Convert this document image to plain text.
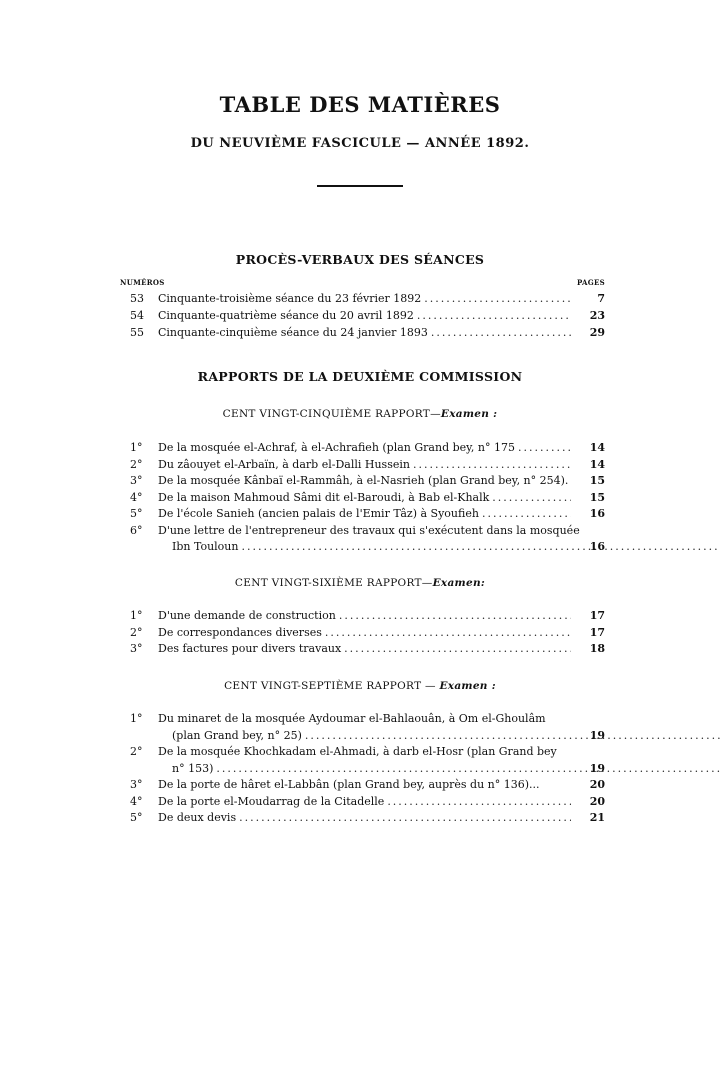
TABLE DES MATIÈRES
DU NEUVIÈME FASCICULE — ANNÉE 1892.
PROCÈS-VERBAUX DES SÉANCES
NUMÉROS	PAGES
53	Cinquante-troisième séance du 23 février 1892 .....	7
54	Cinquante-quatrième séance du 20 avril 1892 .....	23
55	Cinquante-cinquième séance du 24 janvier 1893 .....	29
RAPPORTS DE LA DEUXIÈME COMMISSION
CENT VINGT-CINQUIÈME RAPPORT—Examen :
1°	De la mosquée el-Achraf, à el-Achrafieh (plan Grand bey, n° 175 .....	14
2°	Du zâouyet el-Arbaïn, à darb el-Dalli Hussein .....	14
3°	De la mosquée Kânbaï el-Rammâh, à el-Nasrieh (plan Grand bey, n° 254).	15
4°	De la maison Mahmoud Sâmi dit el-Baroudi, à Bab el-Khalk .....	15
5°	De l'école Sanieh (ancien palais de l'Emir Tâz) à Syoufieh .....	16
6°	D'une lettre de l'entrepreneur des travaux qui s'exécutent dans la mosquée
Ibn Touloun .....	16
CENT VINGT-SIXIÈME RAPPORT—Examen:
1°	D'une demande de construction .....	17
2°	De correspondances diverses .....	17
3°	Des factures pour divers travaux .....	18
CENT VINGT-SEPTIÈME RAPPORT — Examen :
1°	Du minaret de la mosquée Aydoumar el-Bahlaouân, à Om el-Ghoulâm
(plan Grand bey, n° 25) .....	19
2°	De la mosquée Khochkadam el-Ahmadi, à darb el-Hosr (plan Grand bey
n° 153) .....	19
3°	De la porte de hâret el-Labbân (plan Grand bey, auprès du n° 136)...	20
4°	De la porte el-Moudarrag de la Citadelle .....	20
5°	De deux devis .....	21
